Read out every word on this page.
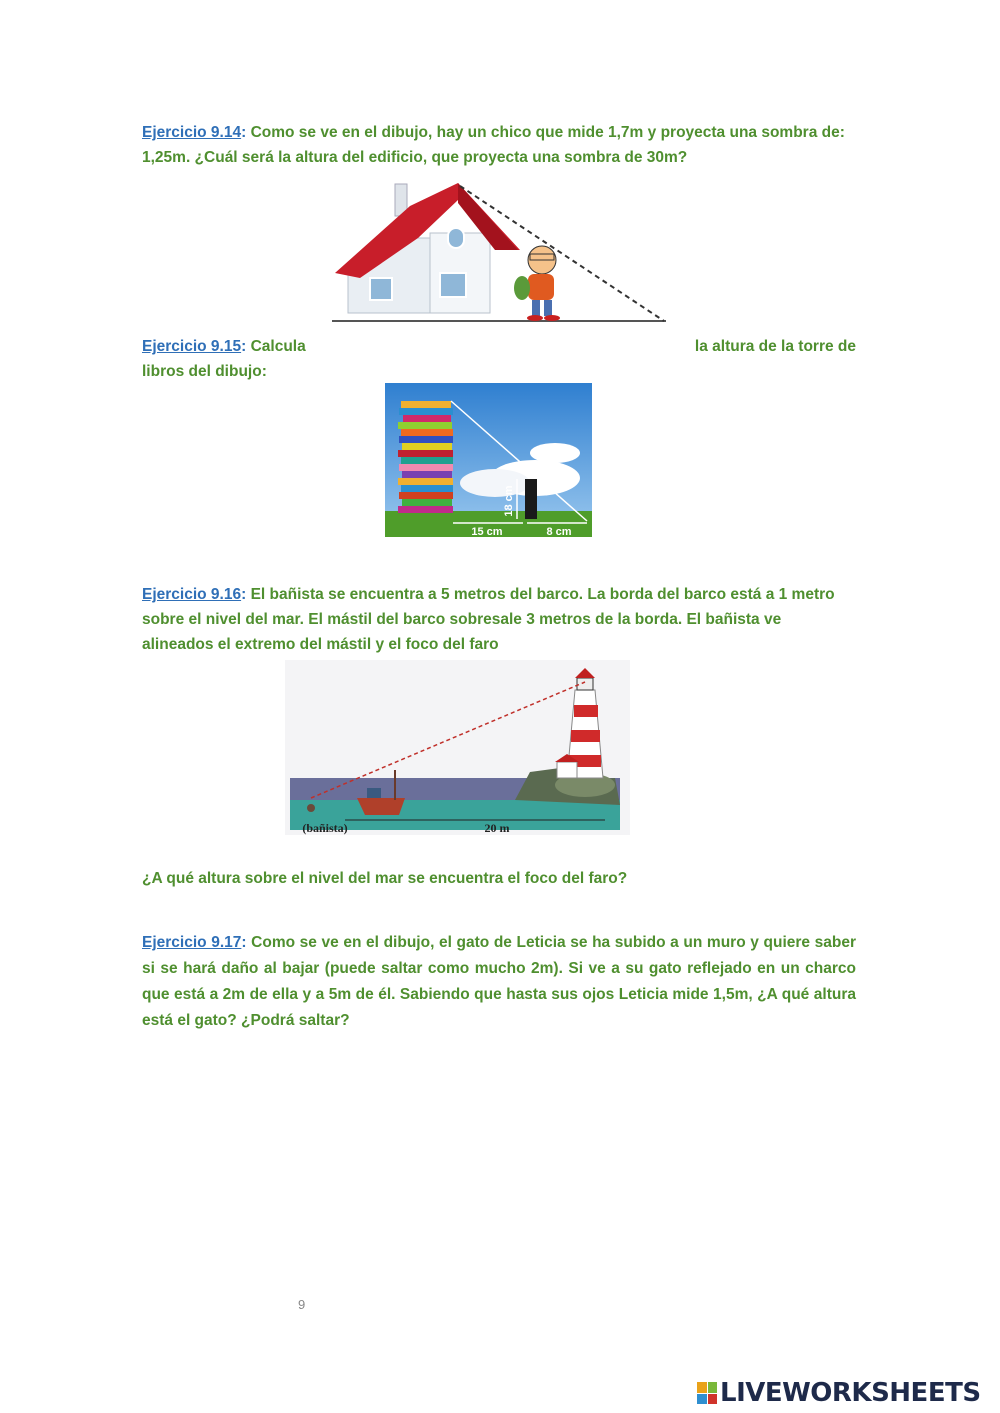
Ejercicio 9.14: Como se ve en el dibujo, hay un chico que mide 1,7m y proyecta una sombra de: 1,25m. ¿Cuál será la altura del edificio, que proyecta una sombra de 30m?
Ejercicio 9.15: Calcula	la altura de la torre de
libros del dibujo:
18 cm
15 cm	8 cm
Ejercicio 9.16: El bañista se encuentra a 5 metros del barco. La borda del barco está a 1 metro sobre el nivel del mar. El mástil del barco sobresale 3 metros de la borda. El bañista ve alineados el extremo del mástil y el foco del faro
(bañista)	20 m
¿A qué altura sobre el nivel del mar se encuentra el foco del faro?
Ejercicio 9.17: Como se ve en el dibujo, el gato de Leticia se ha subido a un muro y quiere saber si se hará daño al bajar (puede saltar como mucho 2m). Si ve a su gato reflejado en un charco que está a 2m de ella y a 5m de él. Sabiendo que hasta sus ojos Leticia mide 1,5m, ¿A qué altura está el gato? ¿Podrá saltar?
9
LIVEWORKSHEETS
